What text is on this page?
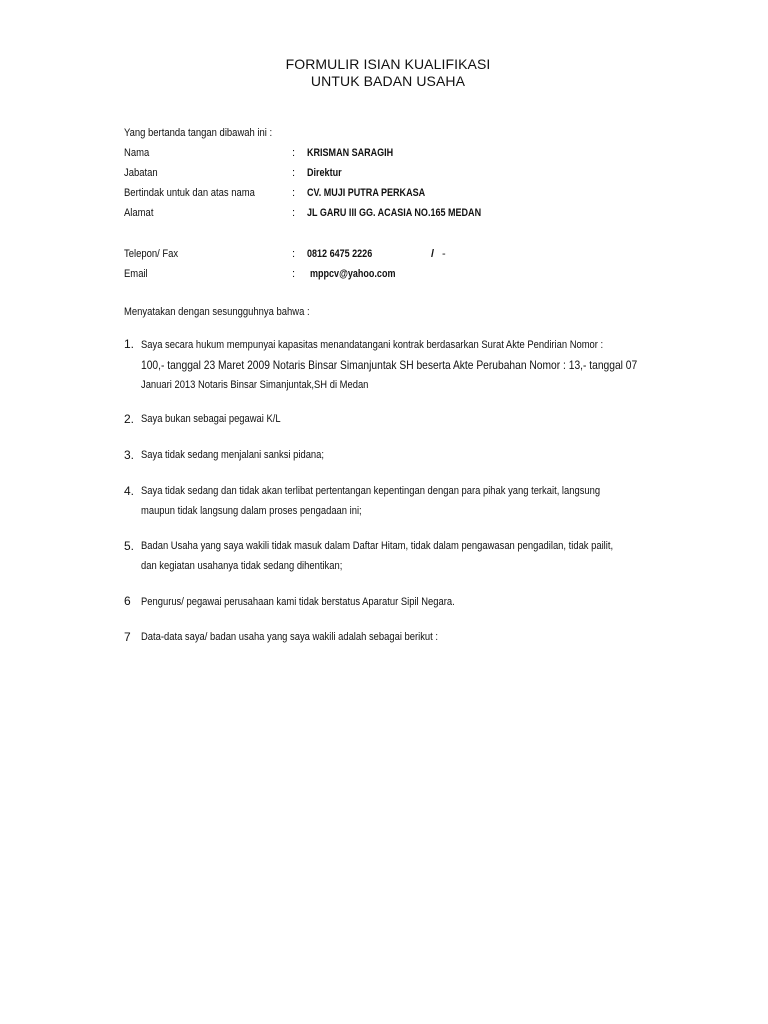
FORMULIR ISIAN KUALIFIKASI
UNTUK BADAN USAHA
Yang bertanda tangan dibawah ini :
Nama	: KRISMAN SARAGIH
Jabatan	: Direktur
Bertindak untuk dan atas nama	: CV. MUJI PUTRA PERKASA
Alamat	: JL GARU III GG. ACASIA NO.165 MEDAN
Telepon/ Fax	: 0812 6475 2226	/ -
Email	: mppcv@yahoo.com
Menyatakan dengan sesungguhnya bahwa :
1. Saya secara hukum mempunyai kapasitas menandatangani kontrak berdasarkan Surat Akte Pendirian Nomor :
100,- tanggal 23 Maret 2009 Notaris Binsar Simanjuntak SH beserta Akte Perubahan Nomor : 13,- tanggal 07
Januari 2013 Notaris Binsar Simanjuntak,SH di Medan
2. Saya bukan sebagai pegawai K/L
3. Saya tidak sedang menjalani sanksi pidana;
4. Saya tidak sedang dan tidak akan terlibat pertentangan kepentingan dengan para pihak yang terkait, langsung
maupun tidak langsung dalam proses pengadaan ini;
5. Badan Usaha yang saya wakili tidak masuk dalam Daftar Hitam, tidak dalam pengawasan pengadilan, tidak pailit,
dan kegiatan usahanya tidak sedang dihentikan;
6 Pengurus/ pegawai perusahaan kami tidak berstatus Aparatur Sipil Negara.
7 Data-data saya/ badan usaha yang saya wakili adalah sebagai berikut :
